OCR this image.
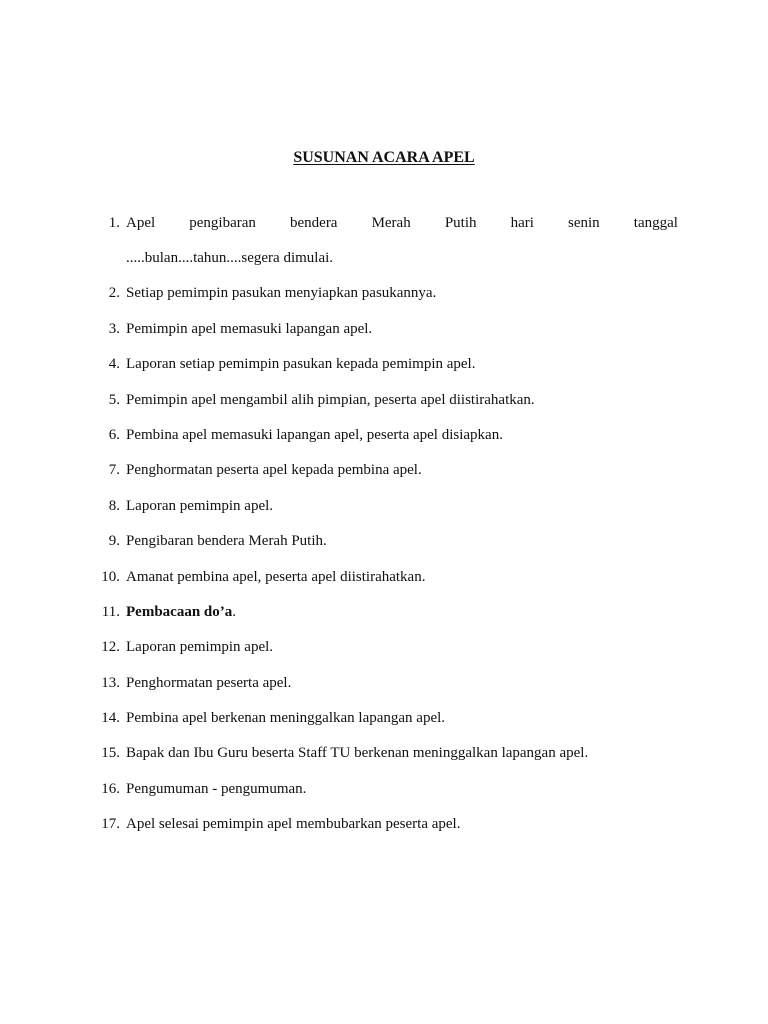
SUSUNAN ACARA APEL
1. Apel pengibaran bendera Merah Putih hari senin tanggal
.....bulan....tahun....segera dimulai.
2. Setiap pemimpin pasukan menyiapkan pasukannya.
3. Pemimpin apel memasuki lapangan apel.
4. Laporan setiap pemimpin pasukan kepada pemimpin apel.
5. Pemimpin apel mengambil alih pimpian, peserta apel diistirahatkan.
6. Pembina apel memasuki lapangan apel, peserta apel disiapkan.
7. Penghormatan peserta apel kepada pembina apel.
8. Laporan pemimpin apel.
9. Pengibaran bendera Merah Putih.
10. Amanat pembina apel, peserta apel diistirahatkan.
11. Pembacaan do’a.
12. Laporan pemimpin apel.
13. Penghormatan peserta apel.
14. Pembina apel berkenan meninggalkan lapangan apel.
15. Bapak dan Ibu Guru beserta Staff TU berkenan meninggalkan lapangan apel.
16. Pengumuman - pengumuman.
17. Apel selesai pemimpin apel membubarkan peserta apel.
